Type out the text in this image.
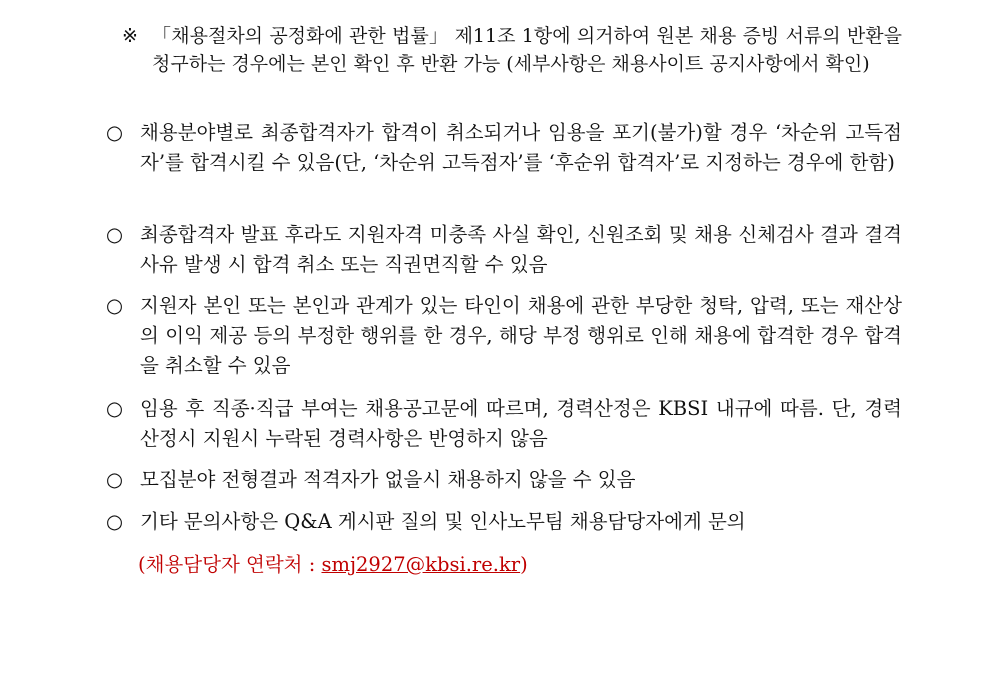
※ 「채용절차의 공정화에 관한 법률」 제11조 1항에 의거하여 원본 채용 증빙 서류의 반환을 청구하는 경우에는 본인 확인 후 반환 가능 (세부사항은 채용사이트 공지사항에서 확인)
○ 채용분야별로 최종합격자가 합격이 취소되거나 임용을 포기(불가)할 경우 ‘차순위 고득점자’를 합격시킬 수 있음(단, ‘차순위 고득점자’를 ‘후순위 합격자’로 지정하는 경우에 한함)
○ 최종합격자 발표 후라도 지원자격 미충족 사실 확인, 신원조회 및 채용 신체검사 결과 결격사유 발생 시 합격 취소 또는 직권면직할 수 있음
○ 지원자 본인 또는 본인과 관계가 있는 타인이 채용에 관한 부당한 청탁, 압력, 또는 재산상의 이익 제공 등의 부정한 행위를 한 경우, 해당 부정 행위로 인해 채용에 합격한 경우 합격을 취소할 수 있음
○ 임용 후 직종·직급 부여는 채용공고문에 따르며, 경력산정은 KBSI 내규에 따름. 단, 경력산정시 지원시 누락된 경력사항은 반영하지 않음
○ 모집분야 전형결과 적격자가 없을시 채용하지 않을 수 있음
○ 기타 문의사항은 Q&A 게시판 질의 및 인사노무팀 채용담당자에게 문의
(채용담당자 연락처 : smj2927@kbsi.re.kr)
